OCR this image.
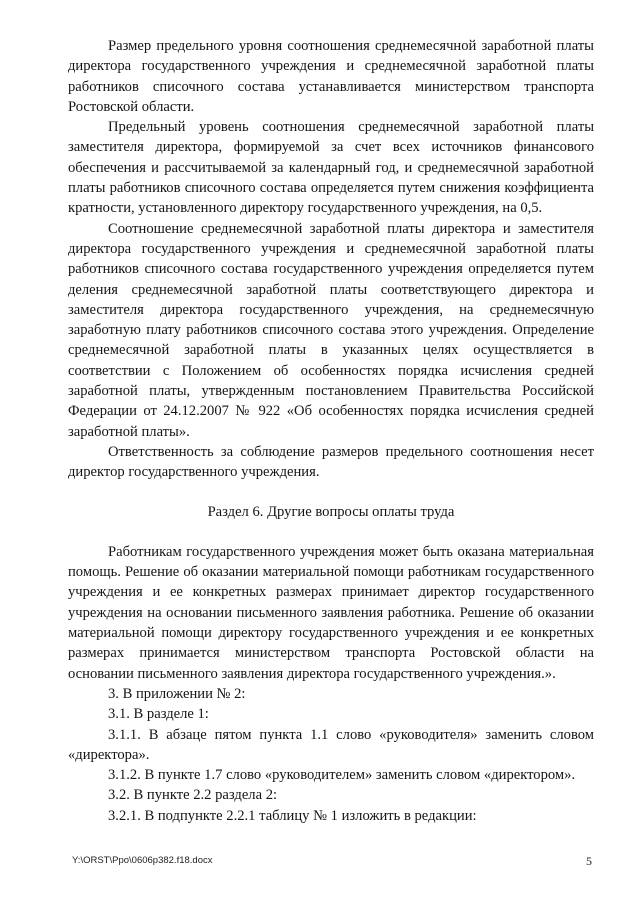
Размер предельного уровня соотношения среднемесячной заработной платы директора государственного учреждения и среднемесячной заработной платы работников списочного состава устанавливается министерством транспорта Ростовской области.

Предельный уровень соотношения среднемесячной заработной платы заместителя директора, формируемой за счет всех источников финансового обеспечения и рассчитываемой за календарный год, и среднемесячной заработной платы работников списочного состава определяется путем снижения коэффициента кратности, установленного директору государственного учреждения, на 0,5.

Соотношение среднемесячной заработной платы директора и заместителя директора государственного учреждения и среднемесячной заработной платы работников списочного состава государственного учреждения определяется путем деления среднемесячной заработной платы соответствующего директора и заместителя директора государственного учреждения, на среднемесячную заработную плату работников списочного состава этого учреждения. Определение среднемесячной заработной платы в указанных целях осуществляется в соответствии с Положением об особенностях порядка исчисления средней заработной платы, утвержденным постановлением Правительства Российской Федерации от 24.12.2007 № 922 «Об особенностях порядка исчисления средней заработной платы».

Ответственность за соблюдение размеров предельного соотношения несет директор государственного учреждения.

Раздел 6. Другие вопросы оплаты труда

Работникам государственного учреждения может быть оказана материальная помощь. Решение об оказании материальной помощи работникам государственного учреждения и ее конкретных размерах принимает директор государственного учреждения на основании письменного заявления работника. Решение об оказании материальной помощи директору государственного учреждения и ее конкретных размерах принимается министерством транспорта Ростовской области на основании письменного заявления директора государственного учреждения.».

3. В приложении № 2:

3.1. В разделе 1:

3.1.1. В абзаце пятом пункта 1.1 слово «руководителя» заменить словом «директора».

3.1.2. В пункте 1.7 слово «руководителем» заменить словом «директором».

3.2. В пункте 2.2 раздела 2:

3.2.1. В подпункте 2.2.1 таблицу № 1 изложить в редакции:

Y:\ORST\Ppo\0606p382.f18.docx	5
